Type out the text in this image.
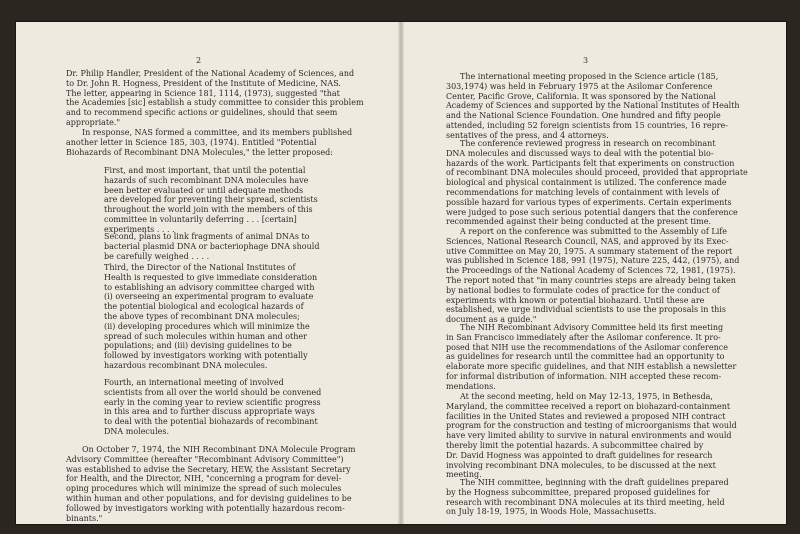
2

Dr. Philip Handler, President of the National Academy of Sciences, and

to Dr. John R. Hogness, President of the Institute of Medicine, NAS.

The letter, appearing in Science 181, 1114, (1973), suggested "that

the Academies [sic] establish a study committee to consider this problem

and to recommend specific actions or guidelines, should that seem

appropriate."

In response, NAS formed a committee, and its members published

another letter in Science 185, 303, (1974). Entitled "Potential

Biohazards of Recombinant DNA Molecules," the letter proposed:

First, and most important, that until the potential

hazards of such recombinant DNA molecules have

been better evaluated or until adequate methods

are developed for preventing their spread, scientists

throughout the world join with the members of this

committee in voluntarily deferring . . . [certain]

experiments . . . .

Second, plans to link fragments of animal DNAs to

bacterial plasmid DNA or bacteriophage DNA should

be carefully weighed . . . .

Third, the Director of the National Institutes of

Health is requested to give immediate consideration

to establishing an advisory committee charged with

(i) overseeing an experimental program to evaluate

the potential biological and ecological hazards of

the above types of recombinant DNA molecules;

(ii) developing procedures which will minimize the

spread of such molecules within human and other

populations; and (iii) devising guidelines to be

followed by investigators working with potentially

hazardous recombinant DNA molecules.

Fourth, an international meeting of involved

scientists from all over the world should be convened

early in the coming year to review scientific progress

in this area and to further discuss appropriate ways

to deal with the potential biohazards of recombinant

DNA molecules.

On October 7, 1974, the NIH Recombinant DNA Molecule Program

Advisory Committee (hereafter "Recombinant Advisory Committee")

was established to advise the Secretary, HEW, the Assistant Secretary

for Health, and the Director, NIH, "concerning a program for devel-

oping procedures which will minimize the spread of such molecules

within human and other populations, and for devising guidelines to be

followed by investigators working with potentially hazardous recom-

binants."

3

The international meeting proposed in the Science article (185,

303,1974) was held in February 1975 at the Asilomar Conference

Center, Pacific Grove, California. It was sponsored by the National

Academy of Sciences and supported by the National Institutes of Health

and the National Science Foundation. One hundred and fifty people

attended, including 52 foreign scientists from 15 countries, 16 repre-

sentatives of the press, and 4 attorneys.

The conference reviewed progress in research on recombinant

DNA molecules and discussed ways to deal with the potential bio-

hazards of the work. Participants felt that experiments on construction

of recombinant DNA molecules should proceed, provided that appropriate

biological and physical containment is utilized. The conference made

recommendations for matching levels of containment with levels of

possible hazard for various types of experiments. Certain experiments

were judged to pose such serious potential dangers that the conference

recommended against their being conducted at the present time.

A report on the conference was submitted to the Assembly of Life

Sciences, National Research Council, NAS, and approved by its Exec-

utive Committee on May 20, 1975. A summary statement of the report

was published in Science 188, 991 (1975), Nature 225, 442, (1975), and

the Proceedings of the National Academy of Sciences 72, 1981, (1975).

The report noted that "in many countries steps are already being taken

by national bodies to formulate codes of practice for the conduct of

experiments with known or potential biohazard. Until these are

established, we urge individual scientists to use the proposals in this

document as a guide."

The NIH Recombinant Advisory Committee held its first meeting

in San Francisco immediately after the Asilomar conference. It pro-

posed that NIH use the recommendations of the Asilomar conference

as guidelines for research until the committee had an opportunity to

elaborate more specific guidelines, and that NIH establish a newsletter

for informal distribution of information. NIH accepted these recom-

mendations.

At the second meeting, held on May 12-13, 1975, in Bethesda,

Maryland, the committee received a report on biohazard-containment

facilities in the United States and reviewed a proposed NIH contract

program for the construction and testing of microorganisms that would

have very limited ability to survive in natural environments and would

thereby limit the potential hazards. A subcommittee chaired by

Dr. David Hogness was appointed to draft guidelines for research

involving recombinant DNA molecules, to be discussed at the next

meeting.

The NIH committee, beginning with the draft guidelines prepared

by the Hogness subcommittee, prepared proposed guidelines for

research with recombinant DNA molecules at its third meeting, held

on July 18-19, 1975, in Woods Hole, Massachusetts.
